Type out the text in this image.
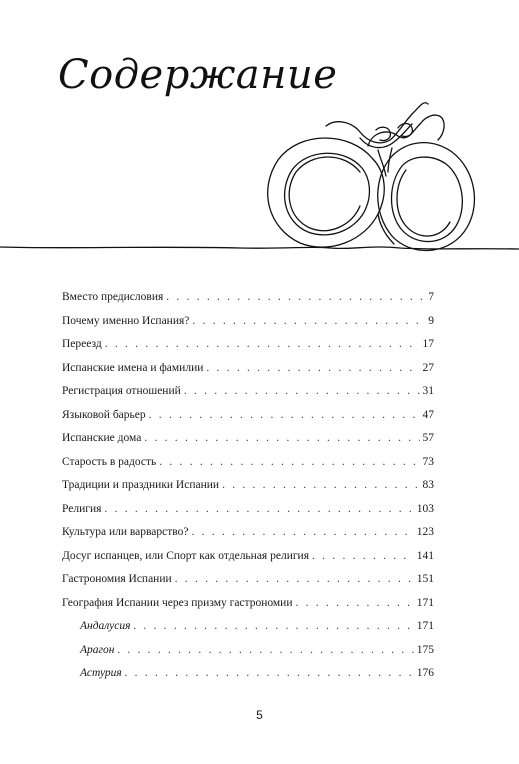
Содержание
Вместо предисловия . . .	7
Почему именно Испания? . . .	9
Переезд . . .	17
Испанские имена и фамилии . . .	27
Регистрация отношений . . .	31
Языковой барьер . . .	47
Испанские дома . . .	57
Старость в радость . . .	73
Традиции и праздники Испании . . .	83
Религия . . .	103
Культура или варварство? . . .	123
Досуг испанцев, или Спорт как отдельная религия . . .	141
Гастрономия Испании . . .	151
География Испании через призму гастрономии . . .	171
Андалусия . . .	171
Арагон . . .	175
Астурия . . .	176
5
